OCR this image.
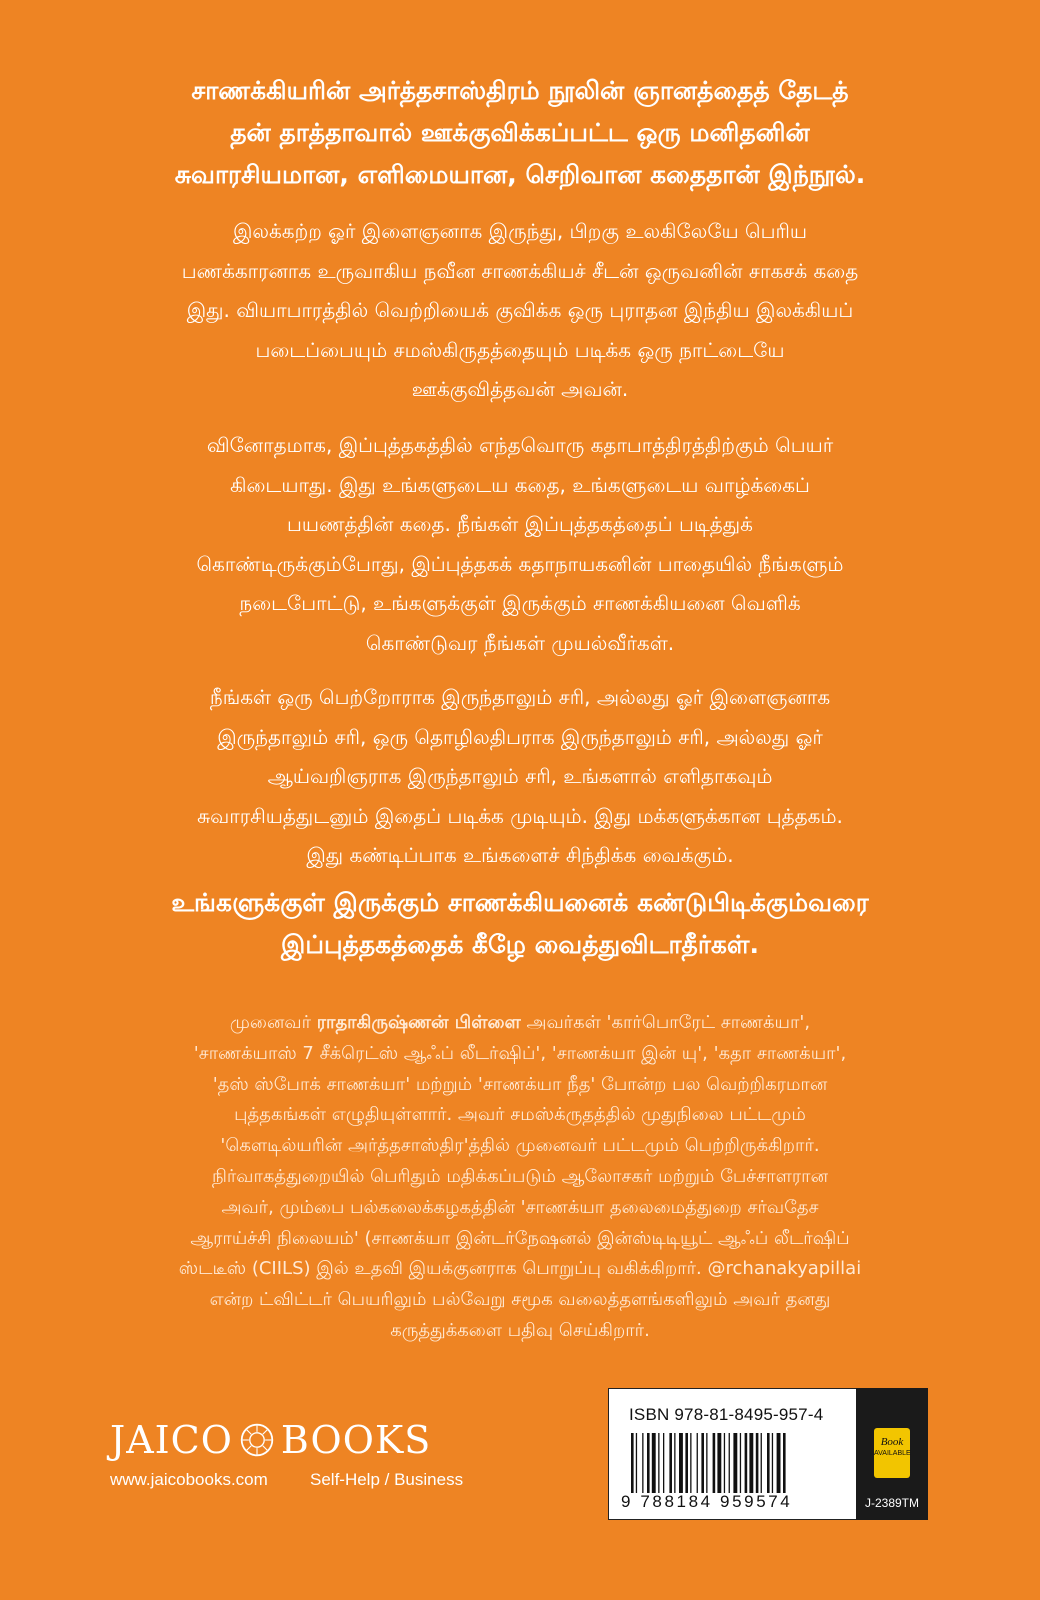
சாணக்கியரின் அர்த்தசாஸ்திரம் நூலின் ஞானத்தைத் தேடத்
தன் தாத்தாவால் ஊக்குவிக்கப்பட்ட ஒரு மனிதனின்
சுவாரசியமான, எளிமையான, செறிவான கதைதான் இந்நூல்.
இலக்கற்ற ஓர் இளைஞனாக இருந்து, பிறகு உலகிலேயே பெரிய
பணக்காரனாக உருவாகிய நவீன சாணக்கியச் சீடன் ஒருவனின் சாகசக் கதை
இது. வியாபாரத்தில் வெற்றியைக் குவிக்க ஒரு புராதன இந்திய இலக்கியப்
படைப்பையும் சமஸ்கிருதத்தையும் படிக்க ஒரு நாட்டையே
ஊக்குவித்தவன் அவன்.
வினோதமாக, இப்புத்தகத்தில் எந்தவொரு கதாபாத்திரத்திற்கும் பெயர்
கிடையாது. இது உங்களுடைய கதை, உங்களுடைய வாழ்க்கைப்
பயணத்தின் கதை. நீங்கள் இப்புத்தகத்தைப் படித்துக்
கொண்டிருக்கும்போது, இப்புத்தகக் கதாநாயகனின் பாதையில் நீங்களும்
நடைபோட்டு, உங்களுக்குள் இருக்கும் சாணக்கியனை வெளிக்
கொண்டுவர நீங்கள் முயல்வீர்கள்.
நீங்கள் ஒரு பெற்றோராக இருந்தாலும் சரி, அல்லது ஓர் இளைஞனாக
இருந்தாலும் சரி, ஒரு தொழிலதிபராக இருந்தாலும் சரி, அல்லது ஓர்
ஆய்வறிஞராக இருந்தாலும் சரி, உங்களால் எளிதாகவும்
சுவாரசியத்துடனும் இதைப் படிக்க முடியும். இது மக்களுக்கான புத்தகம்.
இது கண்டிப்பாக உங்களைச் சிந்திக்க வைக்கும்.
உங்களுக்குள் இருக்கும் சாணக்கியனைக் கண்டுபிடிக்கும்வரை
இப்புத்தகத்தைக் கீழே வைத்துவிடாதீர்கள்.
முனைவர் ராதாகிருஷ்ணன் பிள்ளை அவர்கள் 'கார்பொரேட் சாணக்யா',
'சாணக்யாஸ் 7 சீக்ரெட்ஸ் ஆஃப் லீடர்ஷிப்', 'சாணக்யா இன் யு', 'கதா சாணக்யா',
'தஸ் ஸ்போக் சாணக்யா' மற்றும் 'சாணக்யா நீத' போன்ற பல வெற்றிகரமான
புத்தகங்கள் எழுதியுள்ளார். அவர் சமஸ்க்ருதத்தில் முதுநிலை பட்டமும்
'கௌடில்யரின் அர்த்தசாஸ்திர'த்தில் முனைவர் பட்டமும் பெற்றிருக்கிறார்.
நிர்வாகத்துறையில் பெரிதும் மதிக்கப்படும் ஆலோசகர் மற்றும் பேச்சாளரான
அவர், மும்பை பல்கலைக்கழகத்தின் 'சாணக்யா தலைமைத்துறை சர்வதேச
ஆராய்ச்சி நிலையம்' (சாணக்யா இன்டர்நேஷனல் இன்ஸ்டிடியூட் ஆஃப் லீடர்ஷிப்
ஸ்டடீஸ் (CIILS) இல் உதவி இயக்குனராக பொறுப்பு வகிக்கிறார். @rchanakyapillai
என்ற ட்விட்டர் பெயரிலும் பல்வேறு சமூக வலைத்தளங்களிலும் அவர் தனது
கருத்துக்களை பதிவு செய்கிறார்.
JAICO BOOKS
www.jaicobooks.com	Self-Help / Business
ISBN 978-81-8495-957-4
9 788184 959574
Book
AVAILABLE
J-2389TM
